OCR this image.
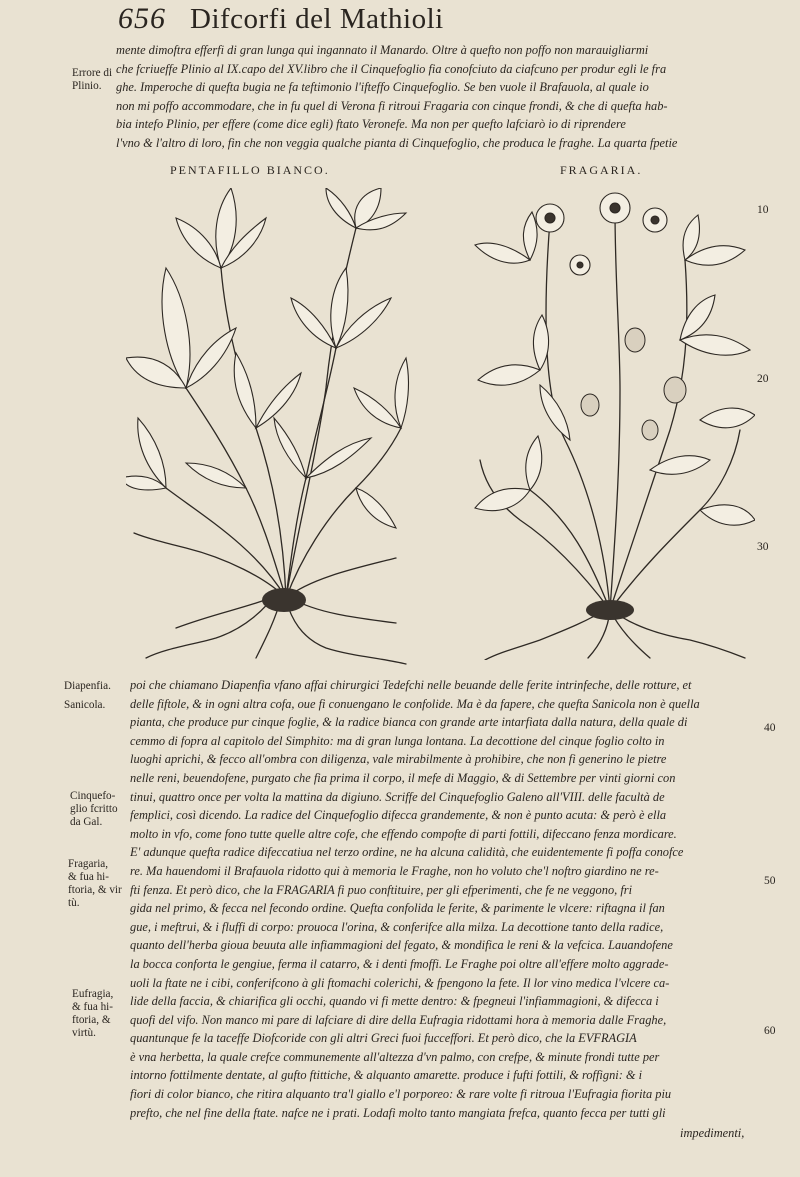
656 Difcorfi del Mathioli
mente dimoftra efferfi di gran lunga qui ingannato il Manardo. Oltre à quefto non poffo non marauigliarmi
che fcriueffe Plinio al IX.capo del XV.libro che il Cinquefoglio fia conofciuto da ciafcuno per produr egli le fra
ghe. Imperoche di quefta bugia ne fa teftimonio l'ifteffo Cinquefoglio. Se ben vuole il Brafauola, al quale io
non mi poffo accommodare, che in fu quel di Verona fi ritroui Fragaria con cinque frondi, & che di quefta hab-
bia intefo Plinio, per effere (come dice egli) ftato Veronefe. Ma non per quefto lafciarò io di riprendere
l'vno & l'altro di loro, fin che non veggia qualche pianta di Cinquefoglio, che produca le fraghe. La quarta fpetie
Errore di
Plinio.
PENTAFILLO BIANCO.	FRAGARIA.
10
20
30
40
50
60
poi che chiamano Diapenfia vfano affai chirurgici Tedefchi nelle beuande delle ferite intrinfeche, delle rotture, et
delle fiftole, & in ogni altra cofa, oue fi conuengano le confolide. Ma è da fapere, che quefta Sanicola non è quella
pianta, che produce pur cinque foglie, & la radice bianca con grande arte intarfiata dalla natura, della quale di
cemmo di fopra al capitolo del Simphito: ma di gran lunga lontana. La decottione del cinque foglio colto in
luoghi aprichi, & fecco all'ombra con diligenza, vale mirabilmente à prohibire, che non fi generino le pietre
nelle reni, beuendofene, purgato che fia prima il corpo, il mefe di Maggio, & di Settembre per vinti giorni con
tinui, quattro once per volta la mattina da digiuno. Scriffe del Cinquefoglio Galeno all'VIII. delle facultà de
femplici, così dicendo. La radice del Cinquefoglio difecca grandemente, & non è punto acuta: & però è ella
molto in vfo, come fono tutte quelle altre cofe, che effendo compofte di parti fottili, difeccano fenza mordicare.
E' adunque quefta radice difeccatiua nel terzo ordine, ne ha alcuna calidità, che euidentemente fi poffa conofce
re. Ma hauendomi il Brafauola ridotto qui à memoria le Fraghe, non ho voluto che'l noftro giardino ne re-
fti fenza. Et però dico, che la FRAGARIA fi puo conftituire, per gli efperimenti, che fe ne veggono, fri
gida nel primo, & fecca nel fecondo ordine. Quefta confolida le ferite, & parimente le vlcere: riftagna il fan
gue, i meftrui, & i fluffi di corpo: prouoca l'orina, & conferifce alla milza. La decottione tanto della radice,
quanto dell'herba gioua beuuta alle infiammagioni del fegato, & mondifica le reni & la vefcica. Lauandofene
la bocca conforta le gengiue, ferma il catarro, & i denti fmoffi. Le Fraghe poi oltre all'effere molto aggrade-
uoli la ftate ne i cibi, conferifcono à gli ftomachi colerichi, & fpengono la fete. Il lor vino medica l'vlcere ca-
lide della faccia, & chiarifica gli occhi, quando vi fi mette dentro: & fpegneui l'infiammagioni, & difecca i
quofi del vifo. Non manco mi pare di lafciare di dire della Eufragia ridottami hora à memoria dalle Fraghe,
quantunque fe la taceffe Diofcoride con gli altri Greci fuoi fucceffori. Et però dico, che la EVFRAGIA
è vna herbetta, la quale crefce communemente all'altezza d'vn palmo, con crefpe, & minute frondi tutte per
intorno fottilmente dentate, al gufto ftittiche, & alquanto amarette. produce i fufti fottili, & roffigni: & i
fiori di color bianco, che ritira alquanto tra'l giallo e'l porporeo: & rare volte fi ritroua l'Eufragia fiorita piu
prefto, che nel fine della ftate. nafce ne i prati. Lodafi molto tanto mangiata frefca, quanto fecca per tutti gli
impedimenti,
Diapenfia.
Sanicola.
Cinquefo-
glio fcritto
da Gal.
Fragaria,
& fua hi-
ftoria, & vir
tù.
Eufragia,
& fua hi-
ftoria, &
virtù.
